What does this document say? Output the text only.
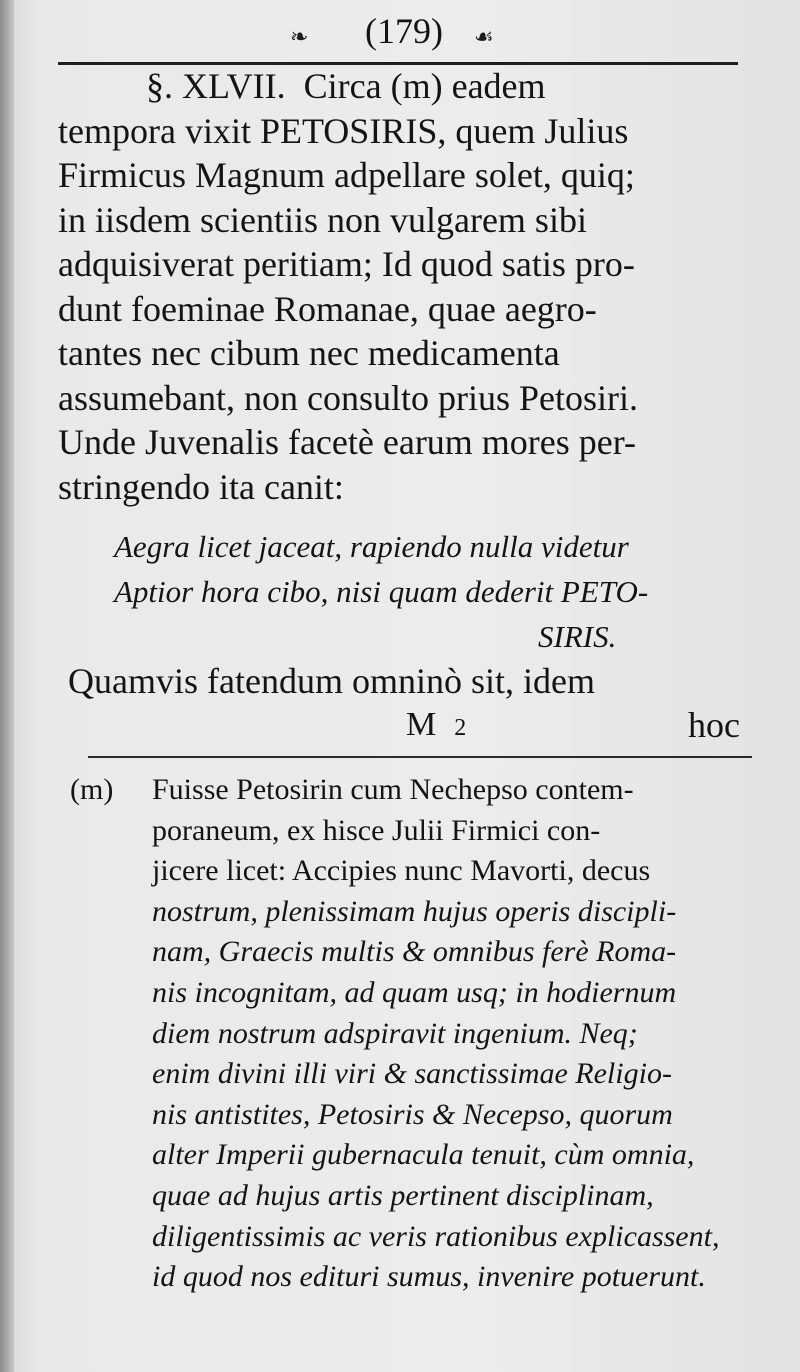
❧	(179)	☙
§. XLVII.  Circa (m) eadem
tempora vixit PETOSIRIS, quem Julius
Firmicus Magnum adpellare solet, quiq;
in iisdem scientiis non vulgarem sibi
adquisiverat peritiam; Id quod satis pro-
dunt foeminae Romanae, quae aegro-
tantes nec cibum nec medicamenta
assumebant, non consulto prius Petosiri.
Unde Juvenalis facetè earum mores per-
stringendo ita canit:
Aegra licet jaceat, rapiendo nulla videtur
Aptior hora cibo, nisi quam dederit PETO-
SIRIS.
Quamvis fatendum omninò sit, idem
M 2	hoc
(m) Fuisse Petosirin cum Nechepso contem-
poraneum, ex hisce Julii Firmici con-
jicere licet: Accipies nunc Mavorti, decus
nostrum, plenissimam hujus operis discipli-
nam, Graecis multis & omnibus ferè Roma-
nis incognitam, ad quam usq; in hodiernum
diem nostrum adspiravit ingenium. Neq;
enim divini illi viri & sanctissimae Religio-
nis antistites, Petosiris & Necepso, quorum
alter Imperii gubernacula tenuit, cùm omnia,
quae ad hujus artis pertinent disciplinam,
diligentissimis ac veris rationibus explicassent,
id quod nos edituri sumus, invenire potuerunt.
